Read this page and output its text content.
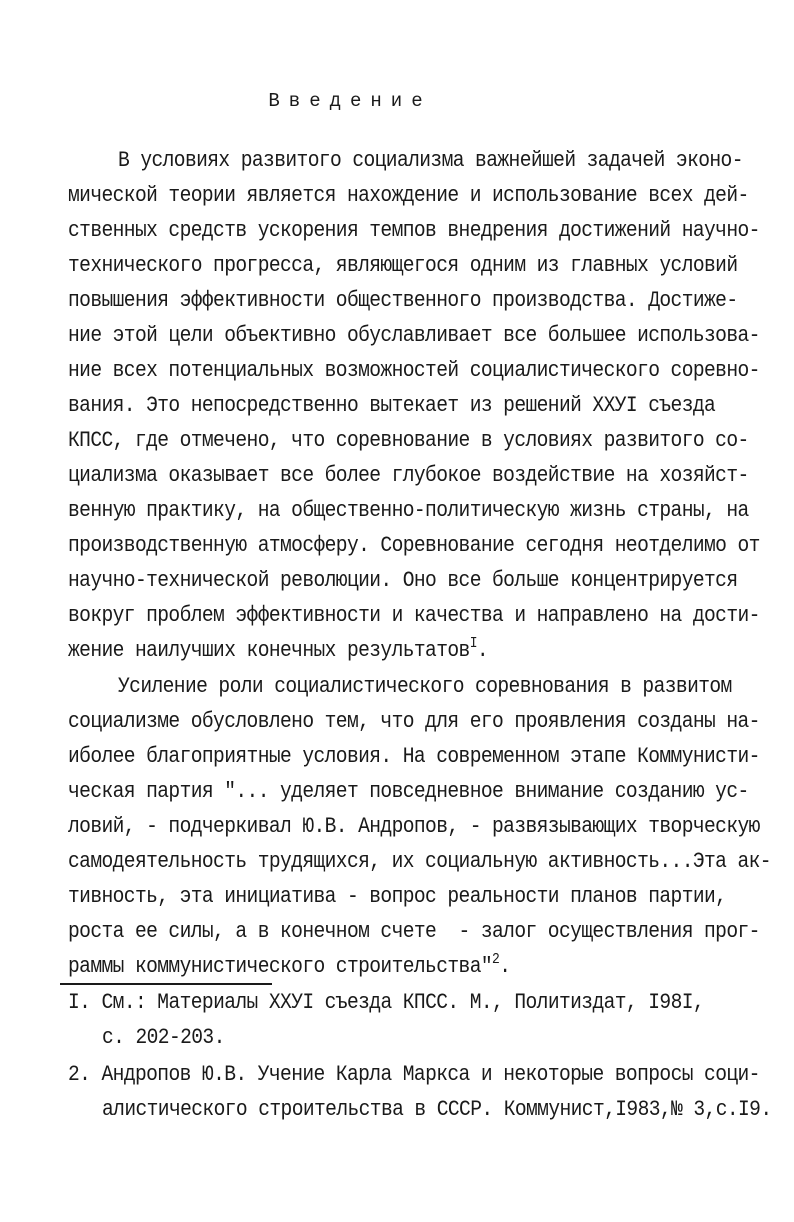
Введение
В условиях развитого социализма важнейшей задачей эконо-
мической теории является нахождение и использование всех дей-
ственных средств ускорения темпов внедрения достижений научно-
технического прогресса, являющегося одним из главных условий
повышения эффективности общественного производства. Достиже-
ние этой цели объективно обуславливает все большее использова-
ние всех потенциальных возможностей социалистического соревно-
вания. Это непосредственно вытекает из решений XXУI съезда
КПСС, где отмечено, что соревнование в условиях развитого со-
циализма оказывает все более глубокое воздействие на хозяйст-
венную практику, на общественно-политическую жизнь страны, на
производственную атмосферу. Соревнование сегодня неотделимо от
научно-технической революции. Оно все больше концентрируется
вокруг проблем эффективности и качества и направлено на дости-
жение наилучших конечных результатов$^I$.
Усиление роли социалистического соревнования в развитом
социализме обусловлено тем, что для его проявления созданы на-
иболее благоприятные условия. На современном этапе Коммунисти-
ческая партия "... уделяет повседневное внимание созданию ус-
ловий, - подчеркивал Ю.В. Андропов, - развязывающих творческую
самодеятельность трудящихся, их социальную активность...Эта ак-
тивность, эта инициатива - вопрос реальности планов партии,
роста ее силы, а в конечном счете  - залог осуществления прог-
раммы коммунистического строительства"$^2$.
I. См.: Материалы XXУI съезда КПСС. М., Политиздат, I98I,
с. 202-203.
2. Андропов Ю.В. Учение Карла Маркса и некоторые вопросы соци-
алистического строительства в СССР. Коммунист,I983,№ 3,с.I9.
